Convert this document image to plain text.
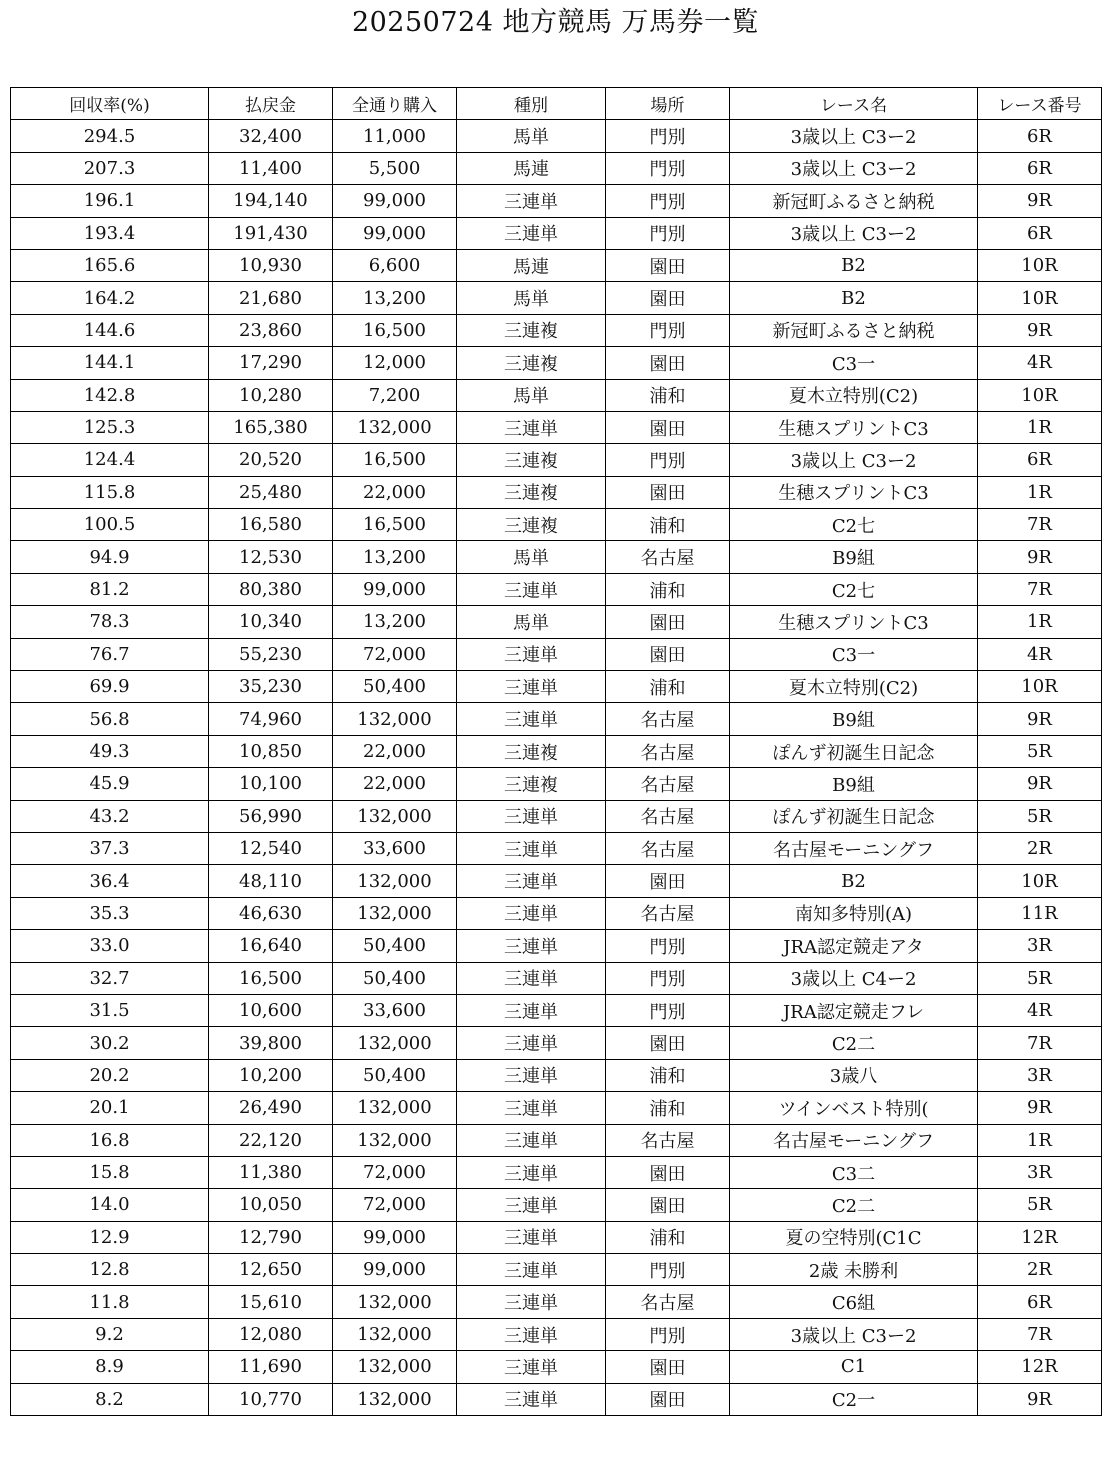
20250724 地方競馬 万馬券一覧
回収率(%)	払戻金	全通り購入	種別	場所	レース名	レース番号
294.5	32,400	11,000	馬単	門別	3歳以上 C3ー2	6R
207.3	11,400	5,500	馬連	門別	3歳以上 C3ー2	6R
196.1	194,140	99,000	三連単	門別	新冠町ふるさと納税	9R
193.4	191,430	99,000	三連単	門別	3歳以上 C3ー2	6R
165.6	10,930	6,600	馬連	園田	B2	10R
164.2	21,680	13,200	馬単	園田	B2	10R
144.6	23,860	16,500	三連複	門別	新冠町ふるさと納税	9R
144.1	17,290	12,000	三連複	園田	C3一	4R
142.8	10,280	7,200	馬単	浦和	夏木立特別(C2)	10R
125.3	165,380	132,000	三連単	園田	生穂スプリントC3	1R
124.4	20,520	16,500	三連複	門別	3歳以上 C3ー2	6R
115.8	25,480	22,000	三連複	園田	生穂スプリントC3	1R
100.5	16,580	16,500	三連複	浦和	C2七	7R
94.9	12,530	13,200	馬単	名古屋	B9組	9R
81.2	80,380	99,000	三連単	浦和	C2七	7R
78.3	10,340	13,200	馬単	園田	生穂スプリントC3	1R
76.7	55,230	72,000	三連単	園田	C3一	4R
69.9	35,230	50,400	三連単	浦和	夏木立特別(C2)	10R
56.8	74,960	132,000	三連単	名古屋	B9組	9R
49.3	10,850	22,000	三連複	名古屋	ぽんず初誕生日記念	5R
45.9	10,100	22,000	三連複	名古屋	B9組	9R
43.2	56,990	132,000	三連単	名古屋	ぽんず初誕生日記念	5R
37.3	12,540	33,600	三連単	名古屋	名古屋モーニングフ	2R
36.4	48,110	132,000	三連単	園田	B2	10R
35.3	46,630	132,000	三連単	名古屋	南知多特別(A)	11R
33.0	16,640	50,400	三連単	門別	JRA認定競走アタ	3R
32.7	16,500	50,400	三連単	門別	3歳以上 C4ー2	5R
31.5	10,600	33,600	三連単	門別	JRA認定競走フレ	4R
30.2	39,800	132,000	三連単	園田	C2二	7R
20.2	10,200	50,400	三連単	浦和	3歳八	3R
20.1	26,490	132,000	三連単	浦和	ツインベスト特別(	9R
16.8	22,120	132,000	三連単	名古屋	名古屋モーニングフ	1R
15.8	11,380	72,000	三連単	園田	C3二	3R
14.0	10,050	72,000	三連単	園田	C2二	5R
12.9	12,790	99,000	三連単	浦和	夏の空特別(C1C	12R
12.8	12,650	99,000	三連単	門別	2歳 未勝利	2R
11.8	15,610	132,000	三連単	名古屋	C6組	6R
9.2	12,080	132,000	三連単	門別	3歳以上 C3ー2	7R
8.9	11,690	132,000	三連単	園田	C1	12R
8.2	10,770	132,000	三連単	園田	C2一	9R
